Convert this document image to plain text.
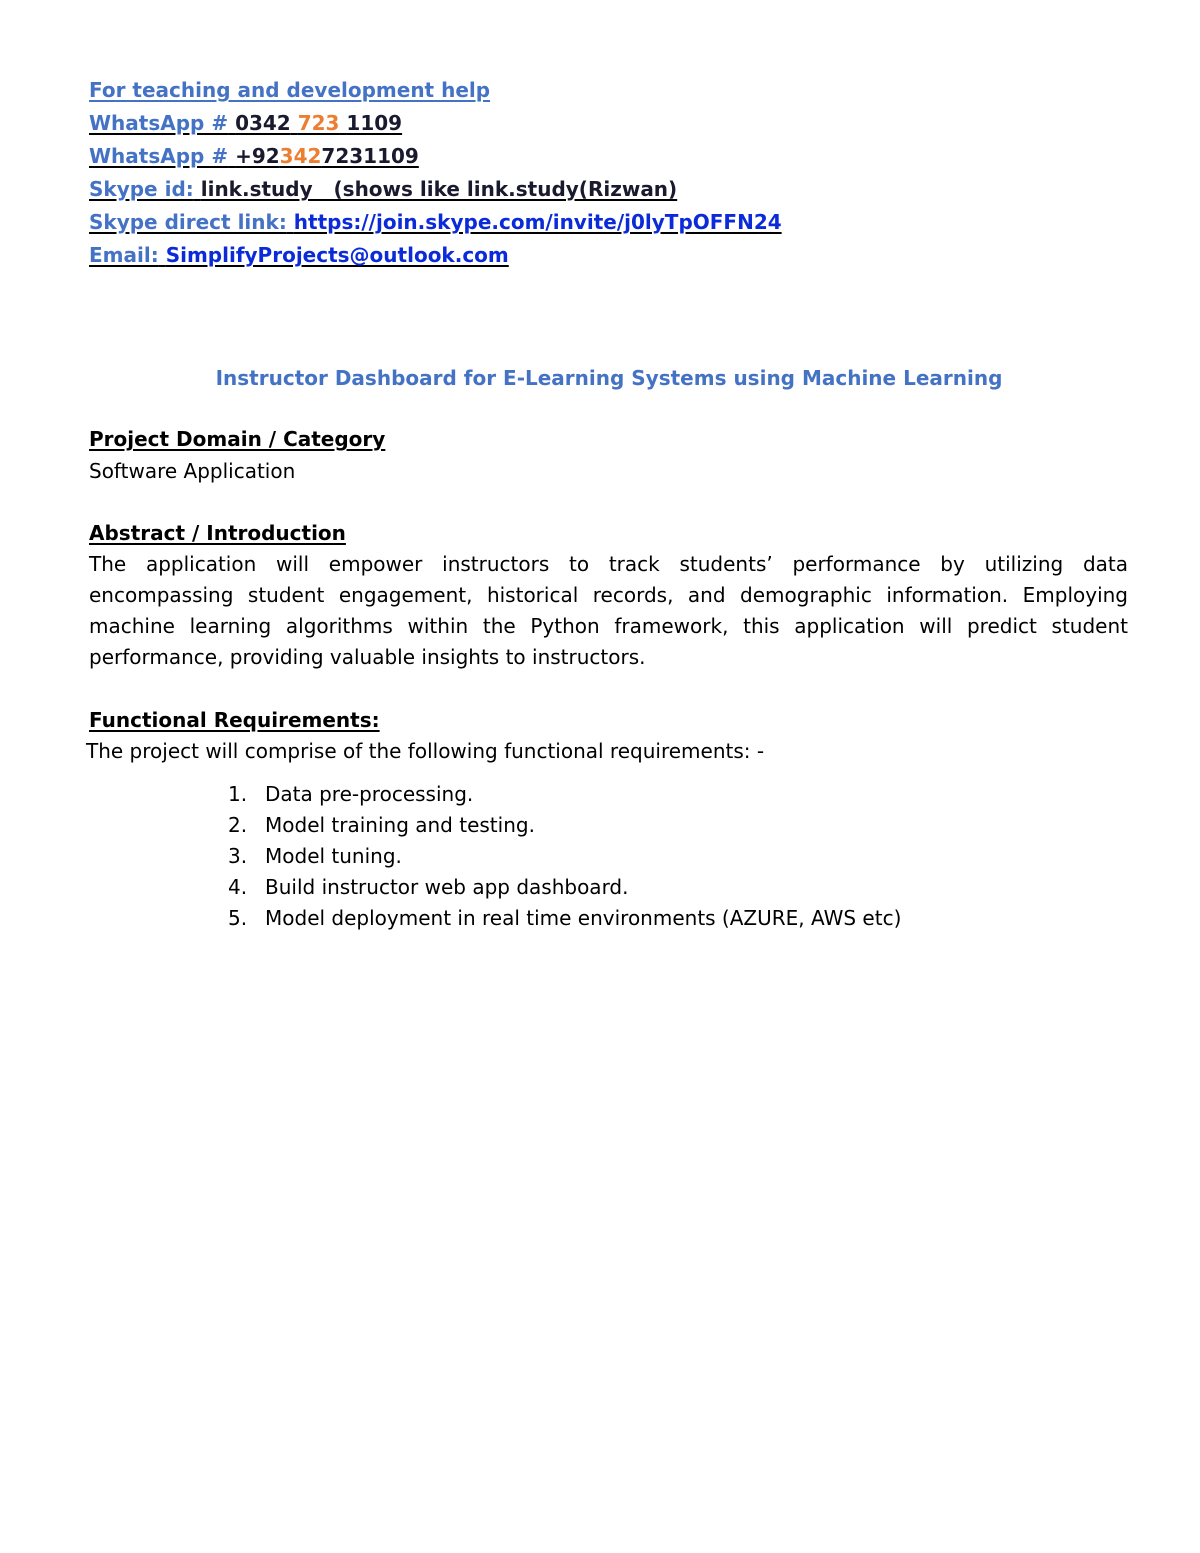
For teaching and development help
WhatsApp # 0342 723 1109
WhatsApp # +923427231109
Skype id: link.study   (shows like link.study(Rizwan)
Skype direct link: https://join.skype.com/invite/j0lyTpOFFN24
Email: SimplifyProjects@outlook.com
Instructor Dashboard for E-Learning Systems using Machine Learning
Project Domain / Category
Software Application
Abstract / Introduction
The application will empower instructors to track students’ performance by utilizing data encompassing student engagement, historical records, and demographic information. Employing machine learning algorithms within the Python framework, this application will predict student performance, providing valuable insights to instructors.
Functional Requirements:
The project will comprise of the following functional requirements: -
1. Data pre-processing.
2. Model training and testing.
3. Model tuning.
4. Build instructor web app dashboard.
5. Model deployment in real time environments (AZURE, AWS etc)
